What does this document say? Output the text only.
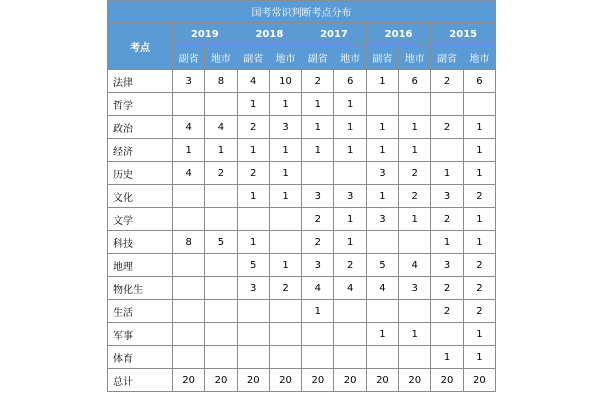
国考常识判断考点分布										
考点	2019		2018		2017		2016		2015	
	副省	地市	副省	地市	副省	地市	副省	地市	副省	地市
法律	3	8	4	10	2	6	1	6	2	6
哲学			1	1	1	1				
政治	4	4	2	3	1	1	1	1	2	1
经济	1	1	1	1	1	1	1	1		1
历史	4	2	2	1			3	2	1	1
文化			1	1	3	3	1	2	3	2
文学					2	1	3	1	2	1
科技	8	5	1		2	1			1	1
地理			5	1	3	2	5	4	3	2
物化生			3	2	4	4	4	3	2	2
生活					1				2	2
军事							1	1		1
体育									1	1
总计	20	20	20	20	20	20	20	20	20	20
